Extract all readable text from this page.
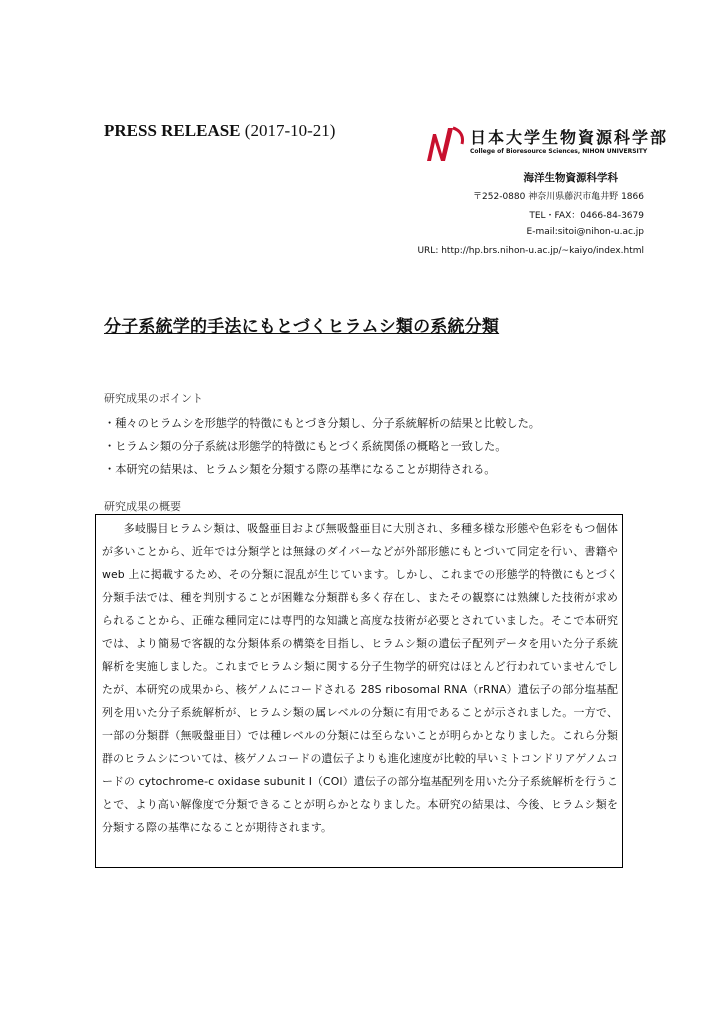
PRESS RELEASE (2017-10-21)	日本大学生物資源科学部
College of Bioresource Sciences, NIHON UNIVERSITY
海洋生物資源科学科
〒252-0880 神奈川県藤沢市亀井野 1866
TEL・FAX：0466-84-3679
E-mail:sitoi@nihon-u.ac.jp
URL: http://hp.brs.nihon-u.ac.jp/~kaiyo/index.html
分子系統学的手法にもとづくヒラムシ類の系統分類
研究成果のポイント
・種々のヒラムシを形態学的特徴にもとづき分類し、分子系統解析の結果と比較した。
・ヒラムシ類の分子系統は形態学的特徴にもとづく系統関係の概略と一致した。
・本研究の結果は、ヒラムシ類を分類する際の基準になることが期待される。
研究成果の概要

多岐腸目ヒラムシ類は、吸盤亜目および無吸盤亜目に大別され、多種多様な形態や色彩をもつ個体が多いことから、近年では分類学とは無縁のダイバーなどが外部形態にもとづいて同定を行い、書籍や web 上に掲載するため、その分類に混乱が生じています。しかし、これまでの形態学的特徴にもとづく分類手法では、種を判別することが困難な分類群も多く存在し、またその観察には熟練した技術が求められることから、正確な種同定には専門的な知識と高度な技術が必要とされていました。そこで本研究では、より簡易で客観的な分類体系の構築を目指し、ヒラムシ類の遺伝子配列データを用いた分子系統解析を実施しました。これまでヒラムシ類に関する分子生物学的研究はほとんど行われていませんでしたが、本研究の成果から、核ゲノムにコードされる 28S ribosomal RNA（rRNA）遺伝子の部分塩基配列を用いた分子系統解析が、ヒラムシ類の属レベルの分類に有用であることが示されました。一方で、一部の分類群（無吸盤亜目）では種レベルの分類には至らないことが明らかとなりました。これら分類群のヒラムシについては、核ゲノムコードの遺伝子よりも進化速度が比較的早いミトコンドリアゲノムコードの cytochrome-c oxidase subunit I（COI）遺伝子の部分塩基配列を用いた分子系統解析を行うことで、より高い解像度で分類できることが明らかとなりました。本研究の結果は、今後、ヒラムシ類を分類する際の基準になることが期待されます。
